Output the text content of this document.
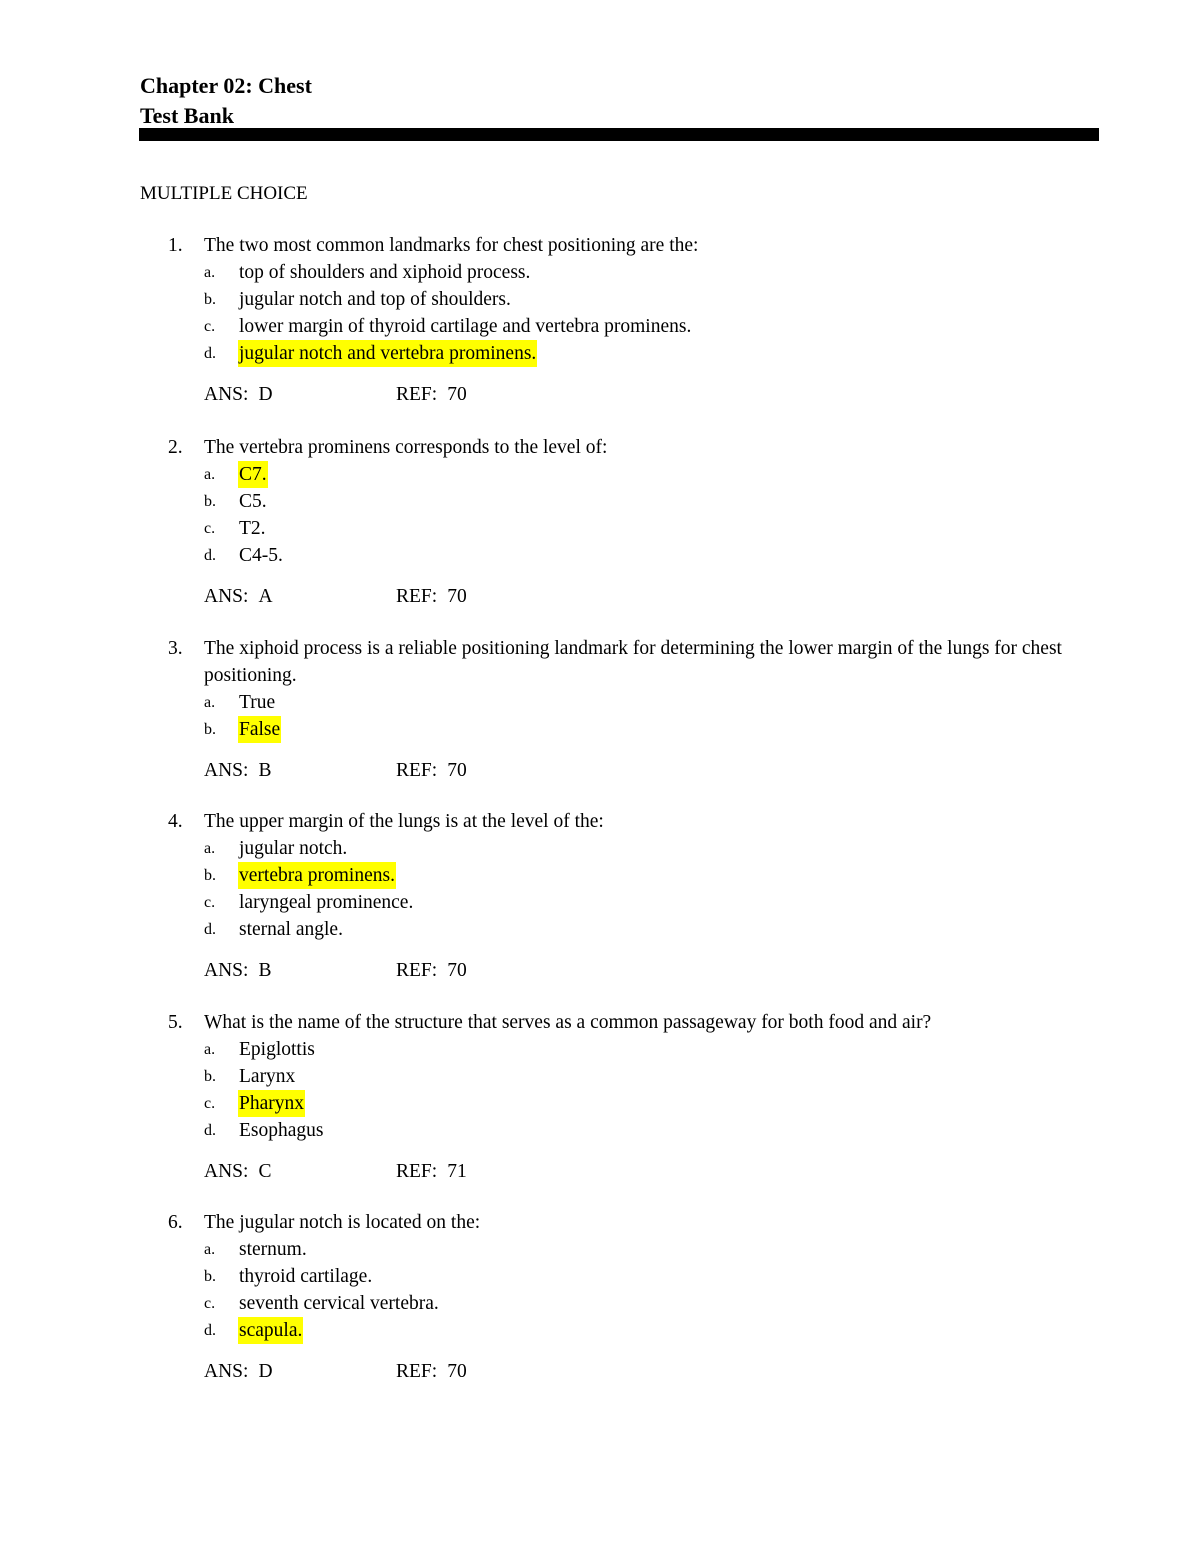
Chapter 02: Chest
Test Bank
MULTIPLE CHOICE
1. The two most common landmarks for chest positioning are the:
a. top of shoulders and xiphoid process.
b. jugular notch and top of shoulders.
c. lower margin of thyroid cartilage and vertebra prominens.
d. jugular notch and vertebra prominens.
ANS: D	REF: 70
2. The vertebra prominens corresponds to the level of:
a. C7.
b. C5.
c. T2.
d. C4-5.
ANS: A	REF: 70
3. The xiphoid process is a reliable positioning landmark for determining the lower margin of the lungs for chest positioning.
a. True
b. False
ANS: B	REF: 70
4. The upper margin of the lungs is at the level of the:
a. jugular notch.
b. vertebra prominens.
c. laryngeal prominence.
d. sternal angle.
ANS: B	REF: 70
5. What is the name of the structure that serves as a common passageway for both food and air?
a. Epiglottis
b. Larynx
c. Pharynx
d. Esophagus
ANS: C	REF: 71
6. The jugular notch is located on the:
a. sternum.
b. thyroid cartilage.
c. seventh cervical vertebra.
d. scapula.
ANS: D	REF: 70
